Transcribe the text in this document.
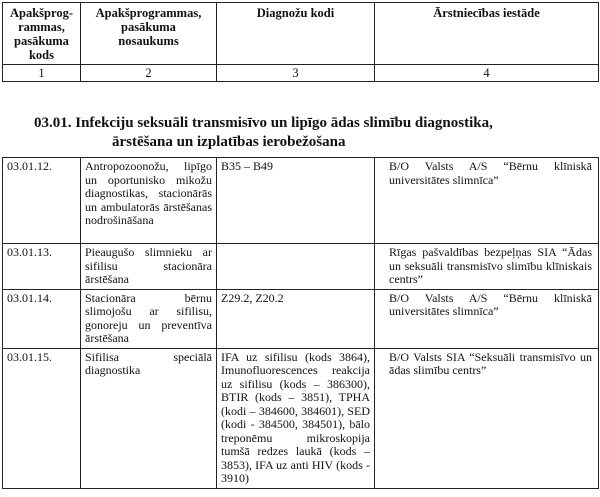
Apakšprog-
rammas,
pasākuma
kods	Apakšprogrammas,
pasākuma
nosaukums	Diagnožu kodi	Ārstniecības iestāde
1	2	3	4
03.01. Infekciju seksuāli transmisīvo un lipīgo ādas slimību diagnostika,
ārstēšana un izplatības ierobežošana
03.01.12.	Antropozoonožu, lipīgo un oportunisko mikožu diagnostikas, stacionārās un ambulatorās ārstēšanas nodrošināšana	B35 – B49	B/O Valsts A/S “Bērnu klīniskā universitātes slimnīca”
03.01.13.	Pieaugušo slimnieku ar sifilisu stacionāra ārstēšana		Rīgas pašvaldības bezpeļņas SIA “Ādas un seksuāli transmisīvo slimību klīniskais centrs”
03.01.14.	Stacionāra bērnu slimojošu ar sifilisu, gonoreju un preventīva ārstēšana	Z29.2, Z20.2	B/O Valsts A/S “Bērnu klīniskā universitātes slimnīca”
03.01.15.	Sifilisa speciālā diagnostika	IFA uz sifilisu (kods 3864), Imunofluorescences reakcija uz sifilisu (kods – 386300), BTIR (kods – 3851), TPHA (kodi – 384600, 384601), SED (kodi - 384500, 384501), bālo treponēmu mikroskopija tumšā redzes laukā (kods – 3853), IFA uz anti HIV (kods - 3910)	B/O Valsts SIA “Seksuāli transmisīvo un ādas slimību centrs”
